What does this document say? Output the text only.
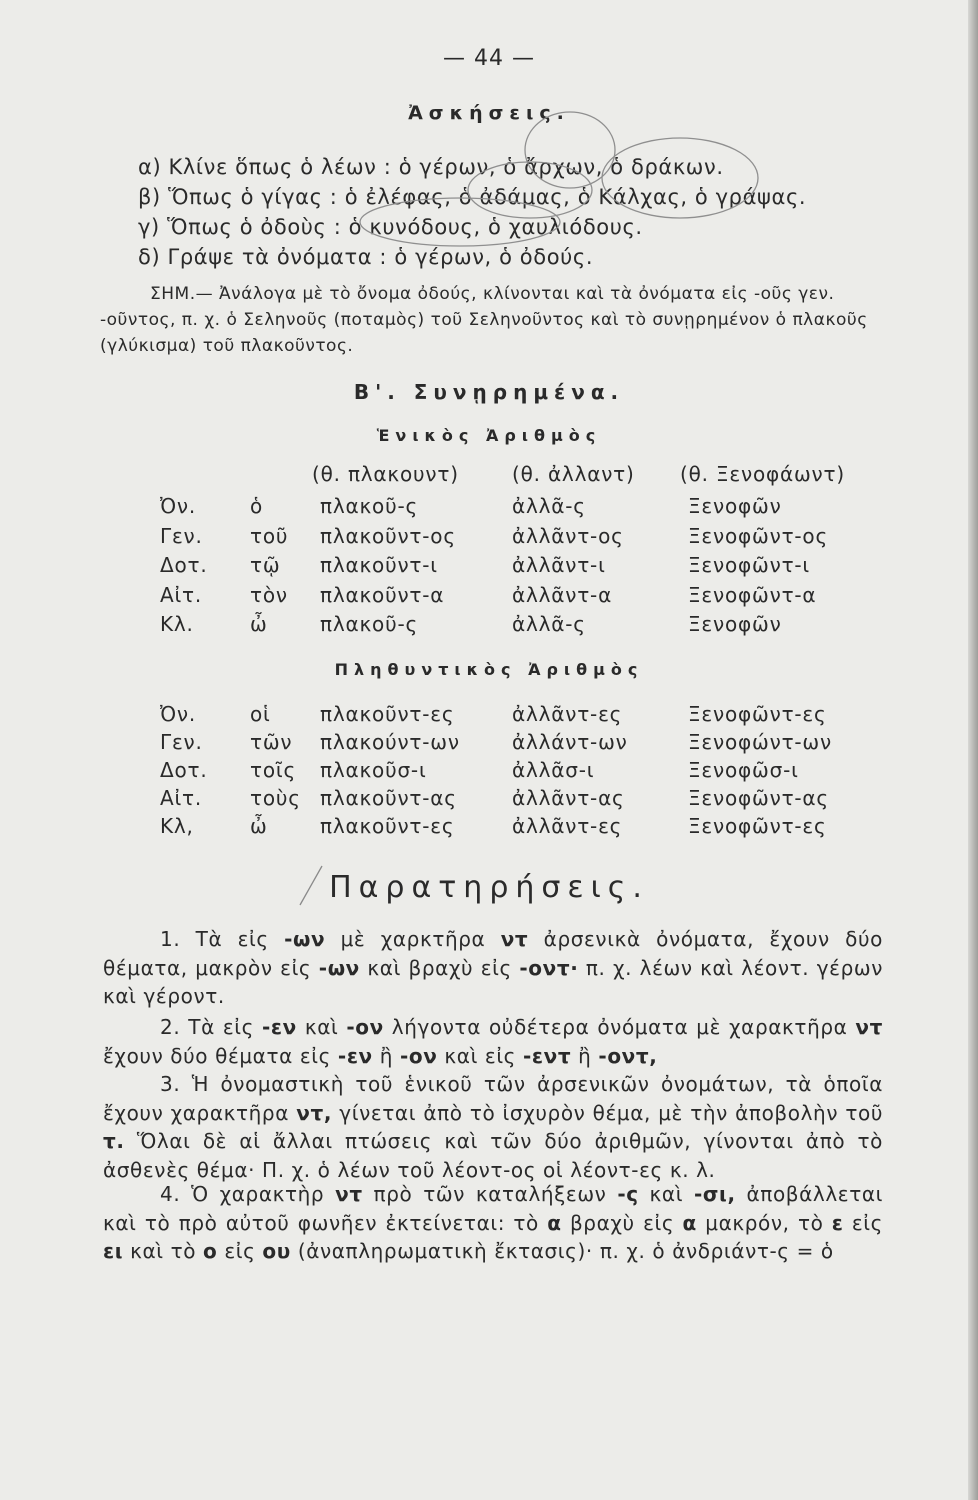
— 44 —
Ἀσκήσεις.
α) Κλίνε ὅπως ὁ λέων : ὁ γέρων, ὁ ἄρχων, ὁ δράκων.
β) Ὅπως ὁ γίγας : ὁ ἐλέφας, ὁ ἀδάμας, ὁ Κάλχας, ὁ γράψας.
γ) Ὅπως ὁ ὀδοὺς : ὁ κυνόδους, ὁ χαυλιόδους.
δ) Γράψε τὰ ὀνόματα : ὁ γέρων, ὁ ὀδούς.
ΣΗΜ.— Ἀνάλογα μὲ τὸ ὄνομα ὀδούς, κλίνονται καὶ τὰ ὀνόματα εἰς -οῦς γεν.
-οῦντος, π. χ. ὁ Σεληνοῦς (ποταμὸς) τοῦ Σεληνοῦντος καὶ τὸ συνῃρημένον ὁ πλακοῦς
(γλύκισμα) τοῦ πλακοῦντος.
Β'. Συνῃρημένα.
Ἑνικὸς Ἀριθμὸς
(θ. πλακουντ)	(θ. ἀλλαντ) (θ. Ξενοφάωντ)
Ὀν.	ὁ	πλακοῦ-ς	ἀλλᾶ-ς	Ξενοφῶν
Γεν. τοῦ πλακοῦντ-ος	ἀλλᾶντ-ος	Ξενοφῶντ-ος
Δοτ. τῷ πλακοῦντ-ι	ἀλλᾶντ-ι	Ξενοφῶντ-ι
Αἰτ. τὸν πλακοῦντ-α	ἀλλᾶντ-α	Ξενοφῶντ-α
Κλ.	ὦ	πλακοῦ-ς	ἀλλᾶ-ς	Ξενοφῶν
Πληθυντικὸς Ἀριθμὸς
Ὀν.	οἱ πλακοῦντ-ες	ἀλλᾶντ-ες	Ξενοφῶντ-ες
Γεν. τῶν πλακούντ-ων	ἀλλάντ-ων	Ξενοφώντ-ων
Δοτ. τοῖς πλακοῦσ-ι	ἀλλᾶσ-ι	Ξενοφῶσ-ι
Αἰτ. τοὺς πλακοῦντ-ας	ἀλλᾶντ-ας	Ξενοφῶντ-ας
Κλ,	ὦ	πλακοῦντ-ες	ἀλλᾶντ-ες	Ξενοφῶντ-ες
Παρατηρήσεις.
1. Τὰ εἰς -ων μὲ χαρκτῆρα ντ ἀρσενικὰ ὀνόματα, ἔχουν δύο θέματα, μακρὸν εἰς -ων καὶ βραχὺ εἰς -οντ· π. χ. λέων καὶ λέοντ. γέρων καὶ γέροντ.
2. Τὰ εἰς -εν καὶ -ον λήγοντα οὐδέτερα ὀνόματα μὲ χαρακτῆρα ντ ἔχουν δύο θέματα εἰς -εν ἢ -ον καὶ εἰς -εντ ἢ -οντ,
3. Ἡ ὀνομαστικὴ τοῦ ἑνικοῦ τῶν ἀρσενικῶν ὀνομάτων, τὰ ὁποῖα ἔχουν χαρακτῆρα ντ, γίνεται ἀπὸ τὸ ἰσχυρὸν θέμα, μὲ τὴν ἀποβολὴν τοῦ τ. Ὅλαι δὲ αἱ ἄλλαι πτώσεις καὶ τῶν δύο ἀριθμῶν, γίνονται ἀπὸ τὸ ἀσθενὲς θέμα· Π. χ. ὁ λέων τοῦ λέοντ-ος οἱ λέοντ-ες κ. λ.
4. Ὁ χαρακτὴρ ντ πρὸ τῶν καταλήξεων -ς καὶ -σι, ἀποβάλλεται καὶ τὸ πρὸ αὐτοῦ φωνῆεν ἐκτείνεται: τὸ α βραχὺ εἰς α μακρόν, τὸ ε εἰς ει καὶ τὸ ο εἰς ου (ἀναπληρωματικὴ ἔκτασις)· π. χ. ὁ ἀνδριάντ-ς = ὁ
